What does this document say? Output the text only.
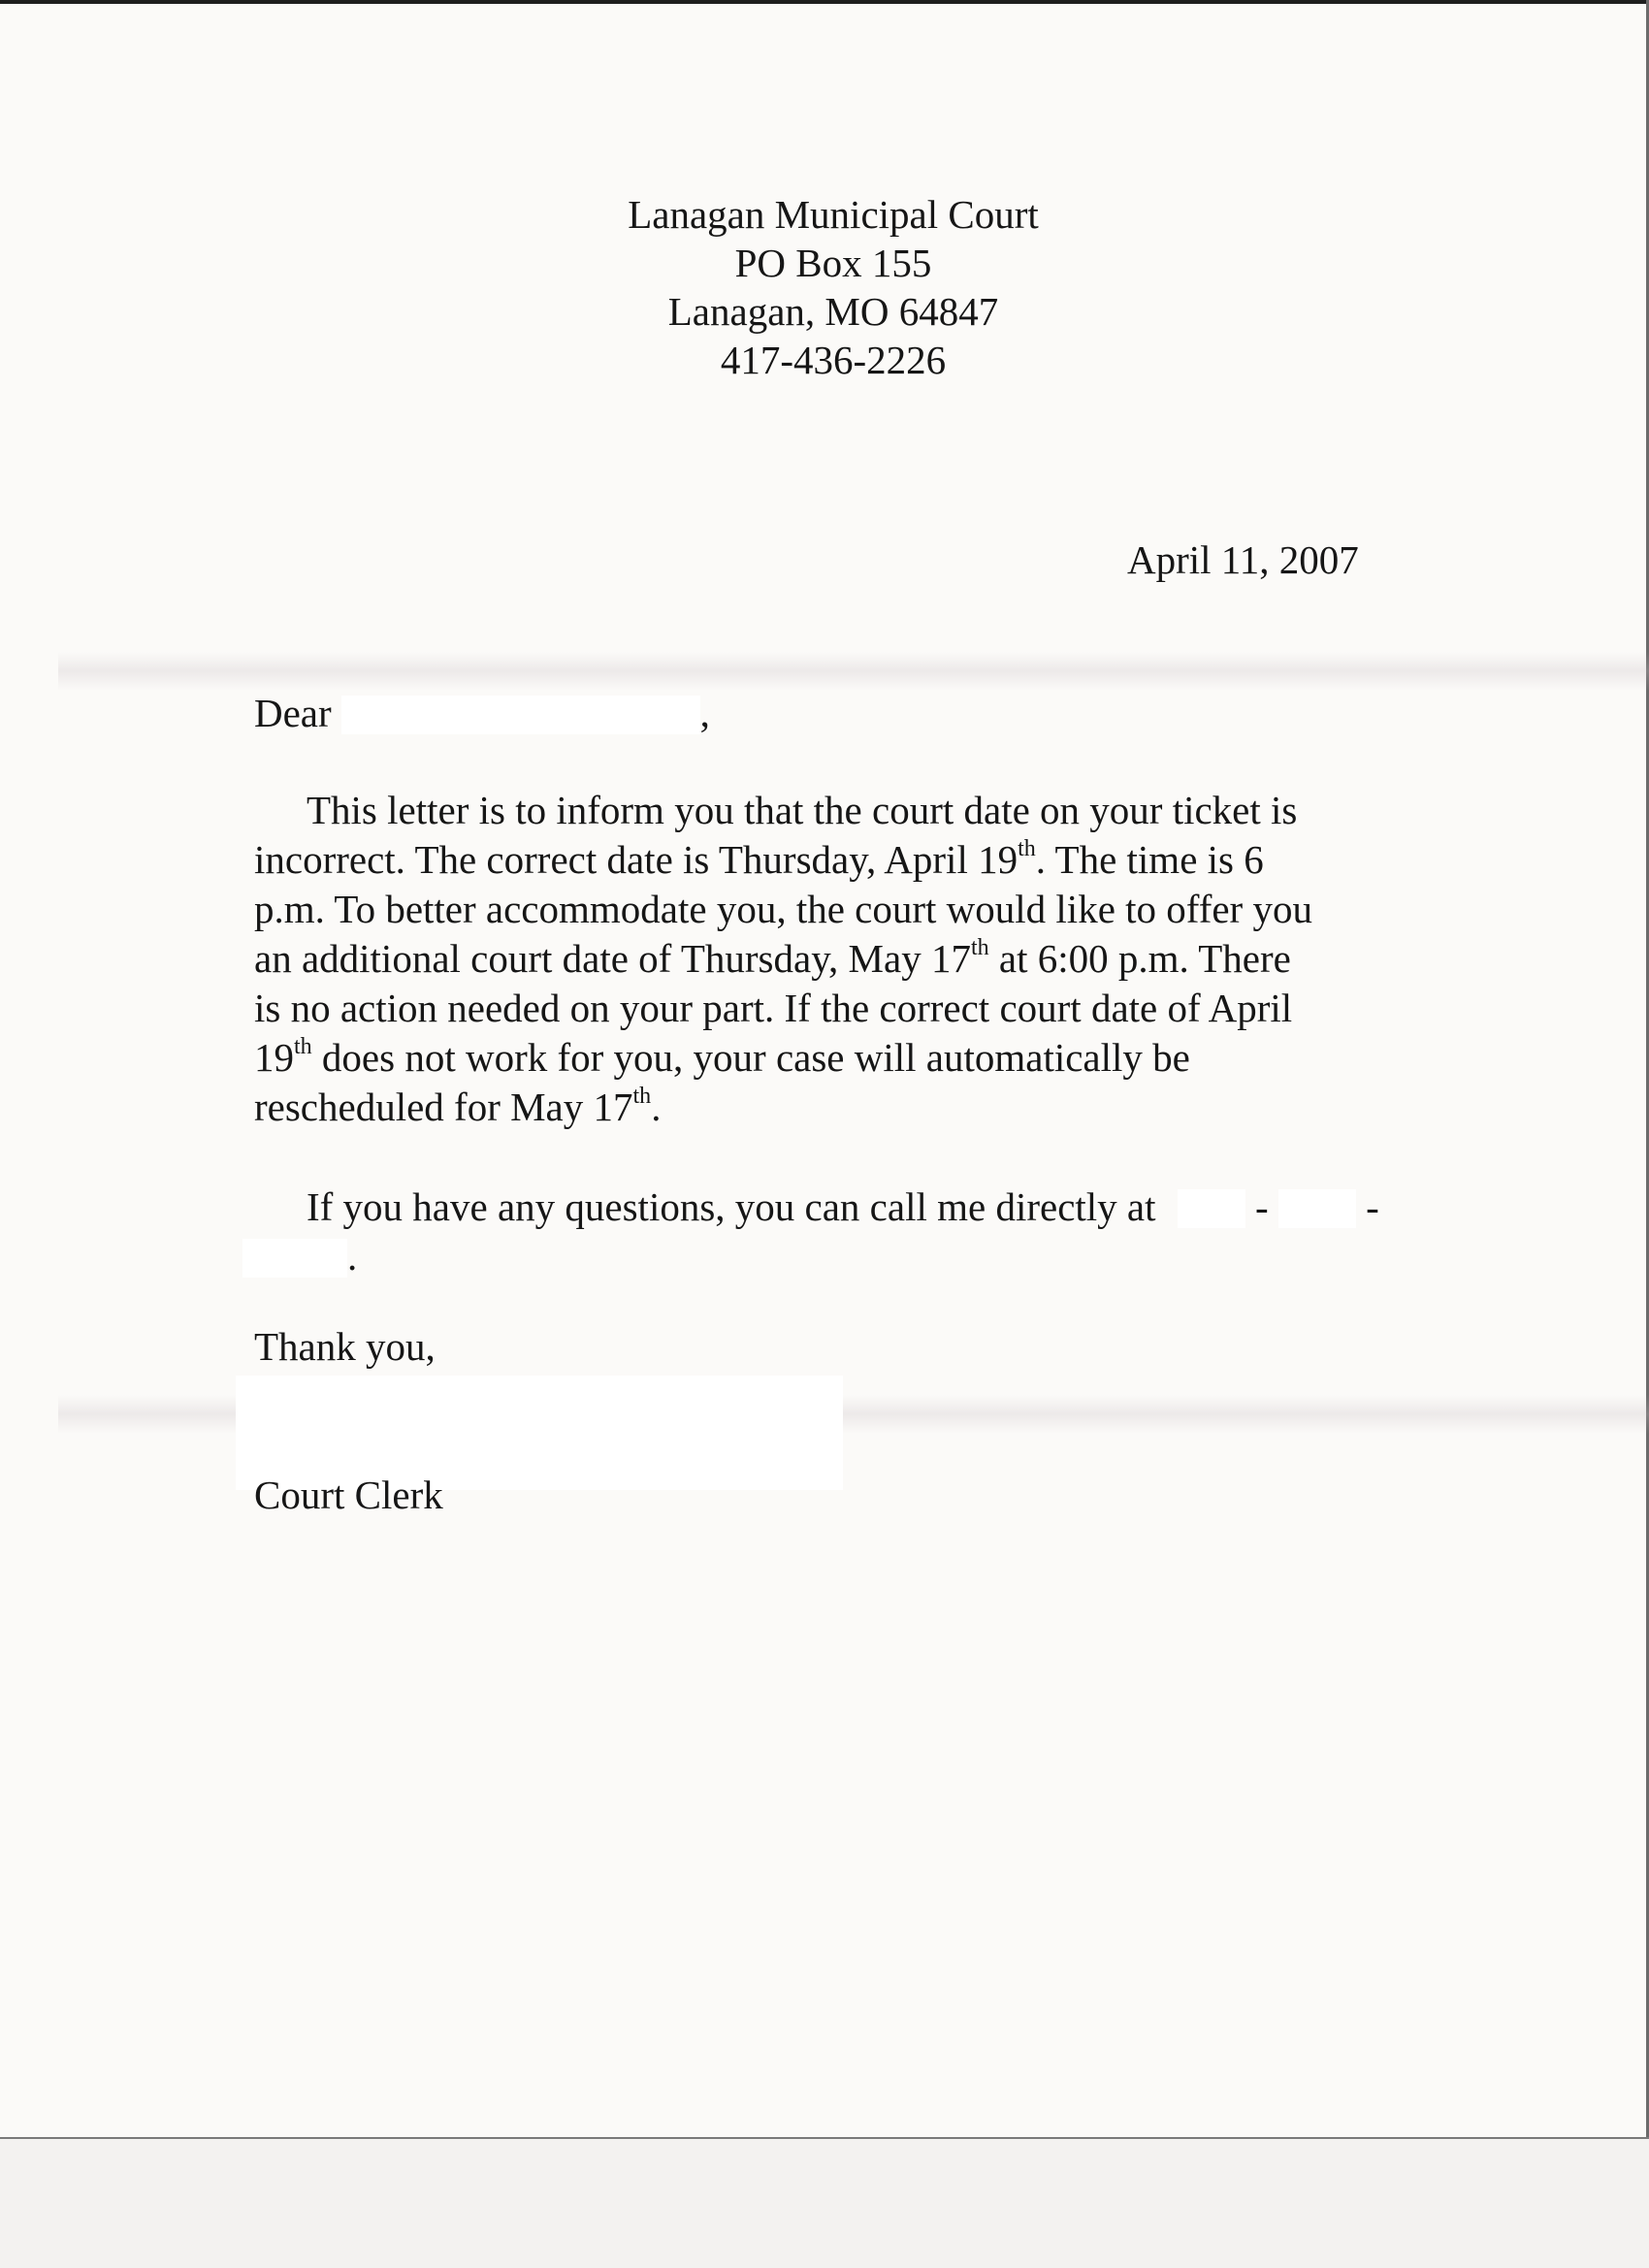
Lanagan Municipal Court
PO Box 155
Lanagan, MO 64847
417-436-2226
April 11, 2007
Dear	,
This letter is to inform you that the court date on your ticket is
incorrect. The correct date is Thursday, April 19th. The time is 6
p.m. To better accommodate you, the court would like to offer you
an additional court date of Thursday, May 17th at 6:00 p.m. There
is no action needed on your part. If the correct court date of April
19th does not work for you, your case will automatically be
rescheduled for May 17th.
If you have any questions, you can call me directly at	- -
.
Thank you,
Court Clerk
